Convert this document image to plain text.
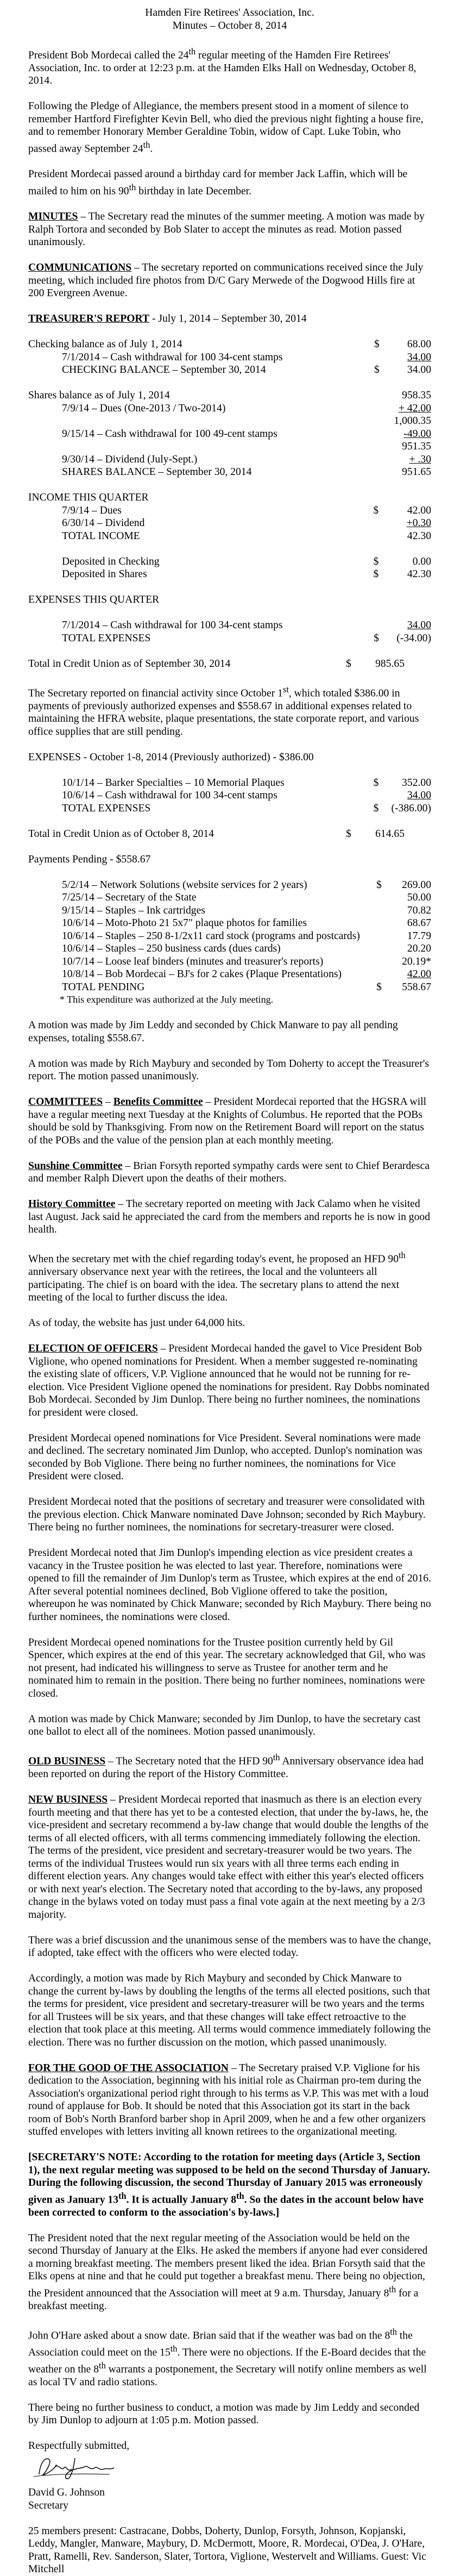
Hamden Fire Retirees' Association, Inc.
Minutes – October 8, 2014

President Bob Mordecai called the 24th regular meeting of the Hamden Fire Retirees' Association, Inc. to order at 12:23 p.m. at the Hamden Elks Hall on Wednesday, October 8, 2014.

Following the Pledge of Allegiance, the members present stood in a moment of silence to remember Hartford Firefighter Kevin Bell, who died the previous night fighting a house fire, and to remember Honorary Member Geraldine Tobin, widow of Capt. Luke Tobin, who passed away September 24th.

President Mordecai passed around a birthday card for member Jack Laffin, which will be mailed to him on his 90th birthday in late December.

MINUTES – The Secretary read the minutes of the summer meeting. A motion was made by Ralph Tortora and seconded by Bob Slater to accept the minutes as read. Motion passed unanimously.

COMMUNICATIONS – The secretary reported on communications received since the July meeting, which included fire photos from D/C Gary Merwede of the Dogwood Hills fire at 200 Evergreen Avenue.

TREASURER'S REPORT - July 1, 2014 – September 30, 2014
Checking balance as of July 1, 2014	$	68.00
7/1/2014 – Cash withdrawal for 100 34-cent stamps		34.00
CHECKING BALANCE – September 30, 2014	$	34.00
Shares balance as of July 1, 2014		958.35
7/9/14 – Dues (One-2013 / Two-2014)		+ 42.00
		1,000.35
9/15/14 – Cash withdrawal for 100 49-cent stamps		-49.00
		951.35
9/30/14 – Dividend (July-Sept.)		+ .30
SHARES BALANCE – September 30, 2014		951.65
INCOME THIS QUARTER
7/9/14 – Dues	$	42.00
6/30/14 – Dividend		+0.30
TOTAL INCOME		42.30
Deposited in Checking	$	0.00
Deposited in Shares	$	42.30
EXPENSES THIS QUARTER
7/1/2014 – Cash withdrawal for 100 34-cent stamps		34.00
TOTAL EXPENSES	$	(-34.00)
Total in Credit Union as of September 30, 2014	$	985.65

The Secretary reported on financial activity since October 1st, which totaled $386.00 in payments of previously authorized expenses and $558.67 in additional expenses related to maintaining the HFRA website, plaque presentations, the state corporate report, and various office supplies that are still pending.

EXPENSES - October 1-8, 2014 (Previously authorized) - $386.00
10/1/14 – Barker Specialties – 10 Memorial Plaques	$	352.00
10/6/14 – Cash withdrawal for 100 34-cent stamps		34.00
TOTAL EXPENSES	$	(-386.00)
Total in Credit Union as of October 8, 2014	$	614.65
Payments Pending - $558.67
5/2/14 – Network Solutions (website services for 2 years)	$	269.00
7/25/14 – Secretary of the State		50.00
9/15/14 – Staples – Ink cartridges		70.82
10/6/14 – Moto-Photo 21 5x7" plaque photos for families		68.67
10/6/14 – Staples – 250 8-1/2x11 card stock (programs and postcards)		17.79
10/6/14 – Staples – 250 business cards (dues cards)		20.20
10/7/14 – Loose leaf binders (minutes and treasurer's reports)		20.19*
10/8/14 – Bob Mordecai – BJ's for 2 cakes (Plaque Presentations)		42.00
TOTAL PENDING	$	558.67
* This expenditure was authorized at the July meeting.

A motion was made by Jim Leddy and seconded by Chick Manware to pay all pending expenses, totaling $558.67.

A motion was made by Rich Maybury and seconded by Tom Doherty to accept the Treasurer's report. The motion passed unanimously.

COMMITTEES – Benefits Committee – President Mordecai reported that the HGSRA will have a regular meeting next Tuesday at the Knights of Columbus. He reported that the POBs should be sold by Thanksgiving. From now on the Retirement Board will report on the status of the POBs and the value of the pension plan at each monthly meeting.

Sunshine Committee – Brian Forsyth reported sympathy cards were sent to Chief Berardesca and member Ralph Dievert upon the deaths of their mothers.

History Committee – The secretary reported on meeting with Jack Calamo when he visited last August. Jack said he appreciated the card from the members and reports he is now in good health.

When the secretary met with the chief regarding today's event, he proposed an HFD 90th anniversary observance next year with the retirees, the local and the volunteers all participating. The chief is on board with the idea. The secretary plans to attend the next meeting of the local to further discuss the idea.

As of today, the website has just under 64,000 hits.

ELECTION OF OFFICERS – President Mordecai handed the gavel to Vice President Bob Viglione, who opened nominations for President. When a member suggested re-nominating the existing slate of officers, V.P. Viglione announced that he would not be running for re-election. Vice President Viglione opened the nominations for president. Ray Dobbs nominated Bob Mordecai. Seconded by Jim Dunlop. There being no further nominees, the nominations for president were closed.

President Mordecai opened nominations for Vice President. Several nominations were made and declined. The secretary nominated Jim Dunlop, who accepted. Dunlop's nomination was seconded by Bob Viglione. There being no further nominees, the nominations for Vice President were closed.

President Mordecai noted that the positions of secretary and treasurer were consolidated with the previous election. Chick Manware nominated Dave Johnson; seconded by Rich Maybury. There being no further nominees, the nominations for secretary-treasurer were closed.

President Mordecai noted that Jim Dunlop's impending election as vice president creates a vacancy in the Trustee position he was elected to last year. Therefore, nominations were opened to fill the remainder of Jim Dunlop's term as Trustee, which expires at the end of 2016. After several potential nominees declined, Bob Viglione offered to take the position, whereupon he was nominated by Chick Manware; seconded by Rich Maybury. There being no further nominees, the nominations were closed.

President Mordecai opened nominations for the Trustee position currently held by Gil Spencer, which expires at the end of this year. The secretary acknowledged that Gil, who was not present, had indicated his willingness to serve as Trustee for another term and he nominated him to remain in the position. There being no further nominees, nominations were closed.

A motion was made by Chick Manware; seconded by Jim Dunlop, to have the secretary cast one ballot to elect all of the nominees. Motion passed unanimously.

OLD BUSINESS – The Secretary noted that the HFD 90th Anniversary observance idea had been reported on during the report of the History Committee.

NEW BUSINESS – President Mordecai reported that inasmuch as there is an election every fourth meeting and that there has yet to be a contested election, that under the by-laws, he, the vice-president and secretary recommend a by-law change that would double the lengths of the terms of all elected officers, with all terms commencing immediately following the election. The terms of the president, vice president and secretary-treasurer would be two years. The terms of the individual Trustees would run six years with all three terms each ending in different election years. Any changes would take effect with either this year's elected officers or with next year's election. The Secretary noted that according to the by-laws, any proposed change in the bylaws voted on today must pass a final vote again at the next meeting by a 2/3 majority.

There was a brief discussion and the unanimous sense of the members was to have the change, if adopted, take effect with the officers who were elected today.

Accordingly, a motion was made by Rich Maybury and seconded by Chick Manware to change the current by-laws by doubling the lengths of the terms all elected positions, such that the terms for president, vice president and secretary-treasurer will be two years and the terms for all Trustees will be six years, and that these changes will take effect retroactive to the election that took place at this meeting. All terms would commence immediately following the election. There was no further discussion on the motion, which passed unanimously.

FOR THE GOOD OF THE ASSOCIATION – The Secretary praised V.P. Viglione for his dedication to the Association, beginning with his initial role as Chairman pro-tem during the Association's organizational period right through to his terms as V.P. This was met with a loud round of applause for Bob. It should be noted that this Association got its start in the back room of Bob's North Branford barber shop in April 2009, when he and a few other organizers stuffed envelopes with letters inviting all known retirees to the organizational meeting.

[SECRETARY'S NOTE: According to the rotation for meeting days (Article 3, Section 1), the next regular meeting was supposed to be held on the second Thursday of January. During the following discussion, the second Thursday of January 2015 was erroneously given as January 13th. It is actually January 8th. So the dates in the account below have been corrected to conform to the association's by-laws.]

The President noted that the next regular meeting of the Association would be held on the second Thursday of January at the Elks. He asked the members if anyone had ever considered a morning breakfast meeting. The members present liked the idea. Brian Forsyth said that the Elks opens at nine and that he could put together a breakfast menu. There being no objection, the President announced that the Association will meet at 9 a.m. Thursday, January 8th for a breakfast meeting.

John O'Hare asked about a snow date. Brian said that if the weather was bad on the 8th the Association could meet on the 15th. There were no objections. If the E-Board decides that the weather on the 8th warrants a postponement, the Secretary will notify online members as well as local TV and radio stations.

There being no further business to conduct, a motion was made by Jim Leddy and seconded by Jim Dunlop to adjourn at 1:05 p.m. Motion passed.

Respectfully submitted,
David G. Johnson
Secretary

25 members present: Castracane, Dobbs, Doherty, Dunlop, Forsyth, Johnson, Kopjanski, Leddy, Mangler, Manware, Maybury, D. McDermott, Moore, R. Mordecai, O'Dea, J. O'Hare, Pratt, Ramelli, Rev. Sanderson, Slater, Tortora, Viglione, Westervelt and Williams. Guest: Vic Mitchell
